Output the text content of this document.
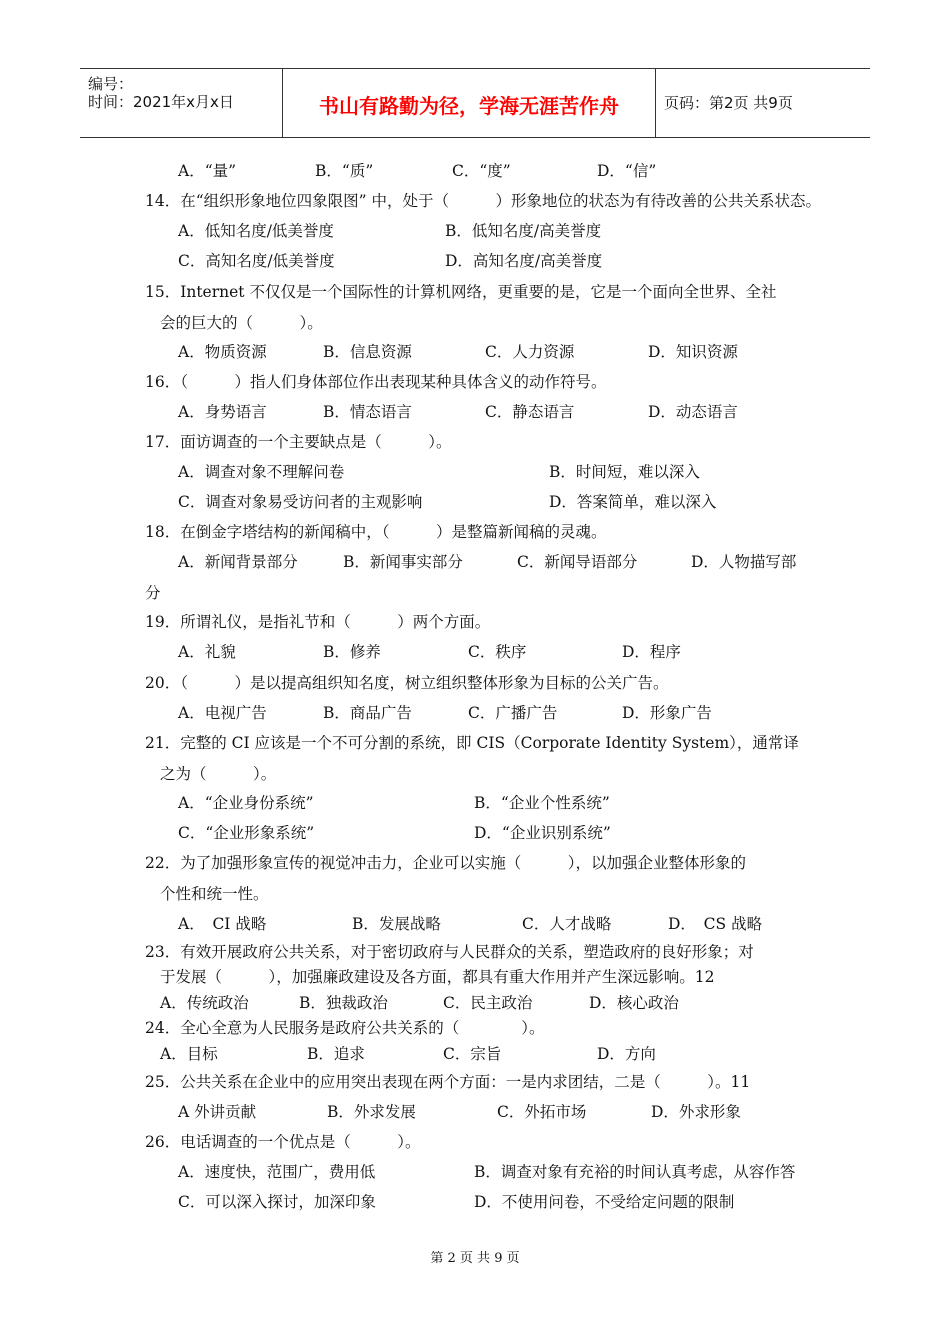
编号：
时间：2021年x月x日	书山有路勤为径，学海无涯苦作舟	页码：第2页 共9页
A．“量”	B．“质”	C．“度”	D．“信”
14．在“组织形象地位四象限图” 中，处于（　　　）形象地位的状态为有待改善的公共关系状态。
A．低知名度/低美誉度	B．低知名度/高美誉度
C．高知名度/低美誉度	D．高知名度/高美誉度
15．Internet 不仅仅是一个国际性的计算机网络，更重要的是，它是一个面向全世界、全社
会的巨大的（　　　）。
A．物质资源	B．信息资源	C．人力资源	D．知识资源
16．（　　　）指人们身体部位作出表现某种具体含义的动作符号。
A．身势语言	B．情态语言	C．静态语言	D．动态语言
17．面访调查的一个主要缺点是（　　　）。
A．调查对象不理解问卷	B．时间短，难以深入
C．调查对象易受访问者的主观影响	D．答案简单，难以深入
18．在倒金字塔结构的新闻稿中，（　　　）是整篇新闻稿的灵魂。
A．新闻背景部分	B．新闻事实部分	C．新闻导语部分	D．人物描写部
分
19．所谓礼仪，是指礼节和（　　　）两个方面。
A．礼貌	B．修养	C．秩序	D．程序
20．（　　　）是以提高组织知名度，树立组织整体形象为目标的公关广告。
A．电视广告	B．商品广告	C．广播广告	D．形象广告
21．完整的 CI 应该是一个不可分割的系统，即 CIS（Corporate Identity System），通常译
之为（　　　）。
A．“企业身份系统”	B．“企业个性系统”
C．“企业形象系统”	D．“企业识别系统”
22．为了加强形象宣传的视觉冲击力，企业可以实施（　　　），以加强企业整体形象的
个性和统一性。
A．　CI 战略	B．发展战略	C．人才战略	D．　CS 战略
23．有效开展政府公共关系，对于密切政府与人民群众的关系，塑造政府的良好形象；对
于发展（　　　），加强廉政建设及各方面，都具有重大作用并产生深远影响。12
A．传统政治	B．独裁政治	C．民主政治	D．核心政治
24．全心全意为人民服务是政府公共关系的（　　　　）。
A．目标	B．追求	C．宗旨	D．方向
25．公共关系在企业中的应用突出表现在两个方面：一是内求团结，二是（　　　）。11
A 外讲贡献	B．外求发展	C．外拓市场	D．外求形象
26．电话调查的一个优点是（　　　）。
A．速度快，范围广，费用低	B．调查对象有充裕的时间认真考虑，从容作答
C．可以深入探讨，加深印象	D．不使用问卷，不受给定问题的限制
第 2 页 共 9 页
